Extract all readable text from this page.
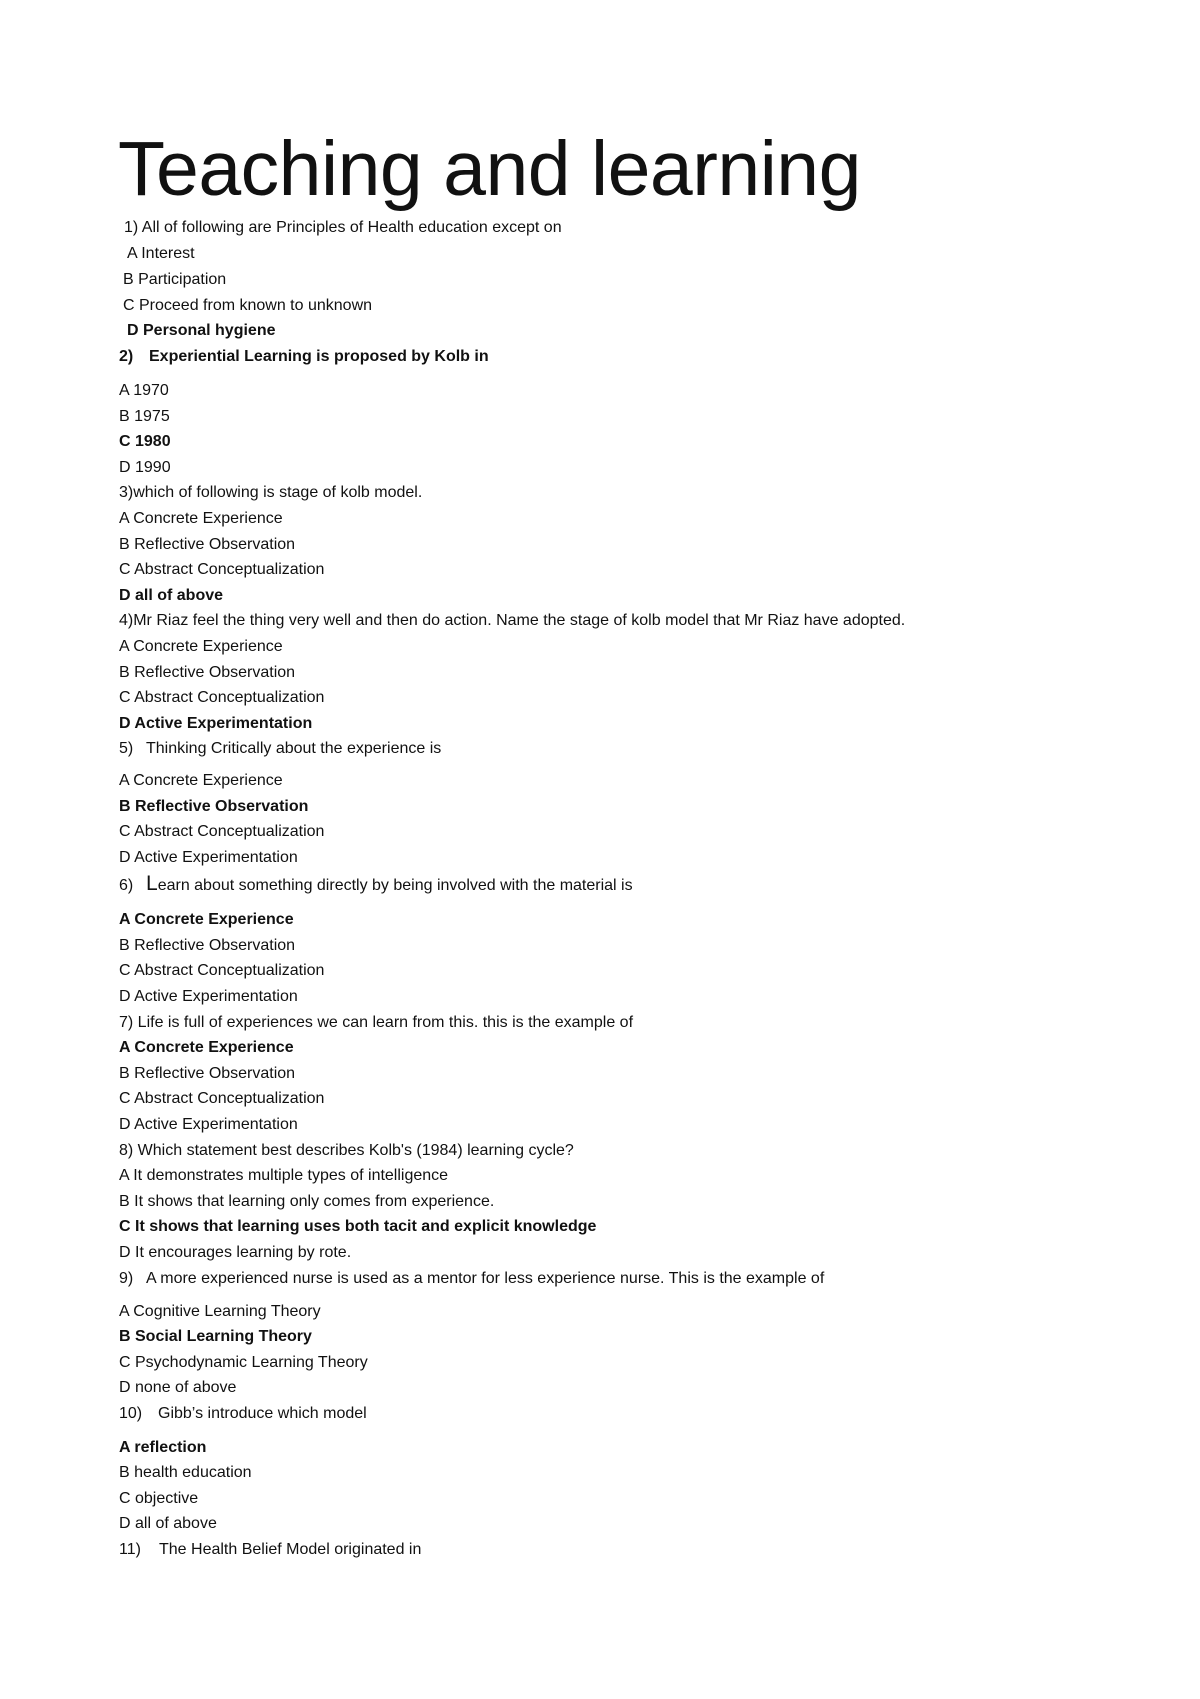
Teaching and learning
1) All of following are Principles of Health education except on
A Interest
B Participation
C Proceed from known to unknown
D Personal hygiene
2) Experiential Learning is proposed by Kolb in
A 1970
B 1975
C 1980
D 1990
3)which of following is stage of kolb model.
A Concrete Experience
B Reflective Observation
C Abstract Conceptualization
D all of above
4)Mr Riaz feel the thing very well and then do action. Name the stage of kolb model that Mr Riaz have adopted.
A Concrete Experience
B Reflective Observation
C Abstract Conceptualization
D Active Experimentation
5) Thinking Critically about the experience is
A Concrete Experience
B Reflective Observation
C Abstract Conceptualization
D Active Experimentation
6) Learn about something directly by being involved with the material is
A Concrete Experience
B Reflective Observation
C Abstract Conceptualization
D Active Experimentation
7) Life is full of experiences we can learn from this. this is the example of
A Concrete Experience
B Reflective Observation
C Abstract Conceptualization
D Active Experimentation
8) Which statement best describes Kolb's (1984) learning cycle?
A It demonstrates multiple types of intelligence
B It shows that learning only comes from experience.
C It shows that learning uses both tacit and explicit knowledge
D It encourages learning by rote.
9) A more experienced nurse is used as a mentor for less experience nurse. This is the example of
A Cognitive Learning Theory
B Social Learning Theory
C Psychodynamic Learning Theory
D none of above
10) Gibb’s introduce which model
A reflection
B health education
C objective
D all of above
11) The Health Belief Model originated in
